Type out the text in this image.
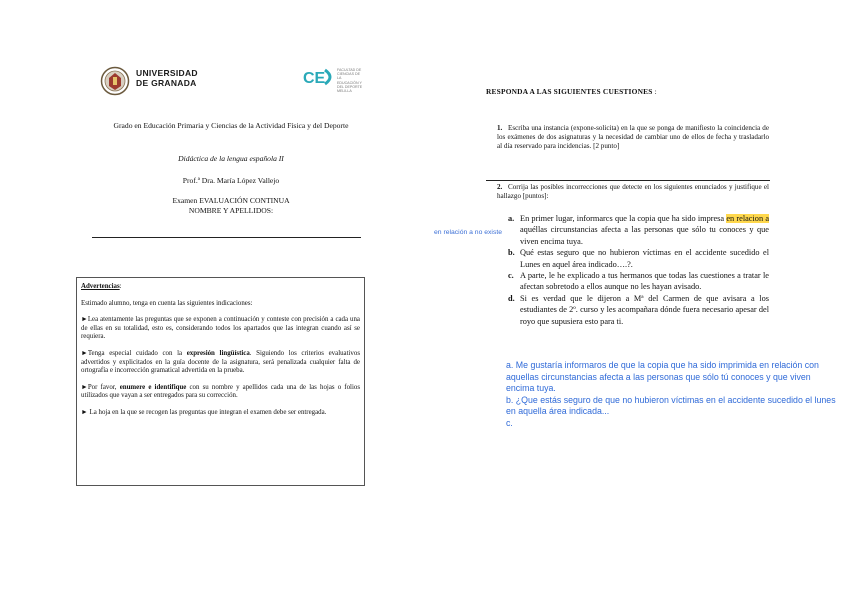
UNIVERSIDAD
DE GRANADA	CE	FACULTAD DE CIENCIAS DE LA EDUCACIÓN Y DEL DEPORTE MELILLA
Grado en Educación Primaria y Ciencias de la Actividad Física y del Deporte
Didáctica de la lengua española II
Prof.ª Dra. María López Vallejo
Examen EVALUACIÓN CONTINUA
NOMBRE Y APELLIDOS:

Advertencias:

Estimado alumno, tenga en cuenta las siguientes indicaciones:

►Lea atentamente las preguntas que se exponen a continuación y conteste con precisión a cada una de ellas en su totalidad, esto es, considerando todos los apartados que las integran cuando así se requiera.

►Tenga especial cuidado con la expresión lingüística. Siguiendo los criterios evaluativos advertidos y explicitados en la guía docente de la asignatura, será penalizada cualquier falta de ortografía e incorrección gramatical advertida en la prueba.

►Por favor, enumere e identifique con su nombre y apellidos cada una de las hojas o folios utilizados que vayan a ser entregados para su corrección.

► La hoja en la que se recogen las preguntas que integran el examen debe ser entregada.

RESPONDA A LAS SIGUIENTES CUESTIONES :
1. Escriba una instancia (expone-solicita) en la que se ponga de manifiesto la coincidencia de los exámenes de dos asignaturas y la necesidad de cambiar uno de ellos de fecha y trasladarlo al día reservado para incidencias. [2 punto]
2. Corrija las posibles incorrecciones que detecte en los siguientes enunciados y justifique el hallazgo [puntos]:
en relación a no existe

a. En primer lugar, informarcs que la copia que ha sido impresa en relacion a aquéllas circunstancias afecta a las personas que sólo tu conoces y que viven encima tuya.

b. Qué estas seguro que no hubieron víctimas en el accidente sucedido el Lunes en aquel área indicado….?.

c. A parte, le he explicado a tus hermanos que todas las cuestiones a tratar le afectan sobretodo a ellos aunque no les hayan avisado.

d. Si es verdad que le dijeron a Mª del Carmen de que avisara a los estudiantes de 2º. curso y les acompañara dónde fuera necesario apesar del royo que supusiera esto para ti.

a. Me gustaría informaros de que la copia que ha sido imprimida en relación con aquellas circunstancias afecta a las personas que sólo tú conoces y que viven encima tuya.

b. ¿Que estás seguro de que no hubieron víctimas en el accidente sucedido el lunes en aquella área indicada...

c.
